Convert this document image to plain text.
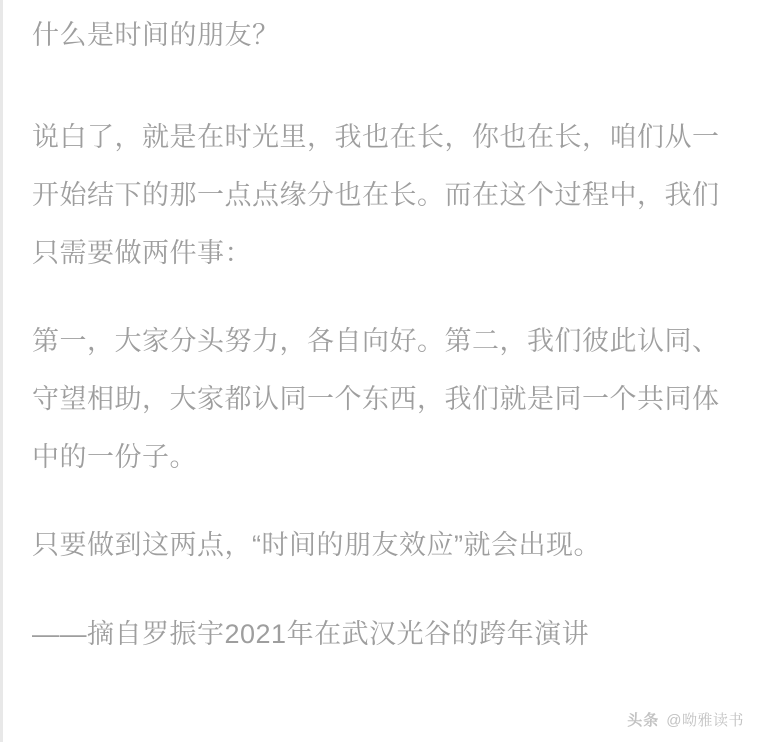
什么是时间的朋友？

说白了，就是在时光里，我也在长，你也在长，咱们从一开始结下的那一点点缘分也在长。而在这个过程中，我们只需要做两件事：

第一，大家分头努力，各自向好。第二，我们彼此认同、守望相助，大家都认同一个东西，我们就是同一个共同体中的一份子。

只要做到这两点，“时间的朋友效应”就会出现。

——摘自罗振宇2021年在武汉光谷的跨年演讲

头条 @呦雅读书
